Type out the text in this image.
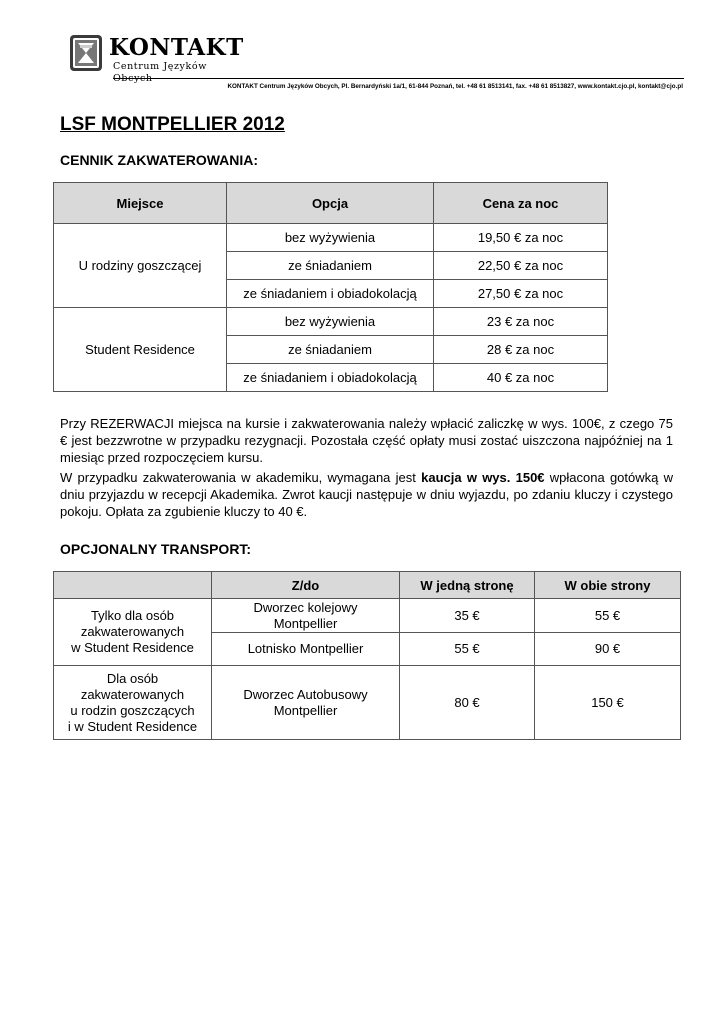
KONTAKT
Centrum Języków Obcych
KONTAKT Centrum Języków Obcych, Pl. Bernardyński 1a/1, 61-844 Poznań, tel. +48 61 8513141, fax. +48 61 8513827, www.kontakt.cjo.pl, kontakt@cjo.pl
LSF MONTPELLIER 2012
CENNIK ZAKWATEROWANIA:
Miejsce	Opcja	Cena za noc
U rodziny goszczącej	bez wyżywienia	19,50 € za noc
	ze śniadaniem	22,50 € za noc
	ze śniadaniem i obiadokolacją	27,50 € za noc
Student Residence	bez wyżywienia	23 € za noc
	ze śniadaniem	28 € za noc
	ze śniadaniem i obiadokolacją	40 € za noc
Przy REZERWACJI miejsca na kursie i zakwaterowania należy wpłacić zaliczkę w wys. 100€, z czego 75 € jest bezzwrotne w przypadku rezygnacji. Pozostała część opłaty musi zostać uiszczona najpóźniej na 1 miesiąc przed rozpoczęciem kursu.
W przypadku zakwaterowania w akademiku, wymagana jest kaucja w wys. 150€ wpłacona gotówką w dniu przyjazdu w recepcji Akademika. Zwrot kaucji następuje w dniu wyjazdu, po zdaniu kluczy i czystego pokoju. Opłata za zgubienie kluczy to 40 €.
OPCJONALNY TRANSPORT:
	Z/do	W jedną stronę	W obie strony
Tylko dla osób
zakwaterowanych
w Student Residence	Dworzec kolejowy
Montpellier	35 €	55 €
	Lotnisko Montpellier	55 €	90 €
Dla osób
zakwaterowanych
u rodzin goszczących
i w Student Residence	Dworzec Autobusowy
Montpellier	80 €	150 €
